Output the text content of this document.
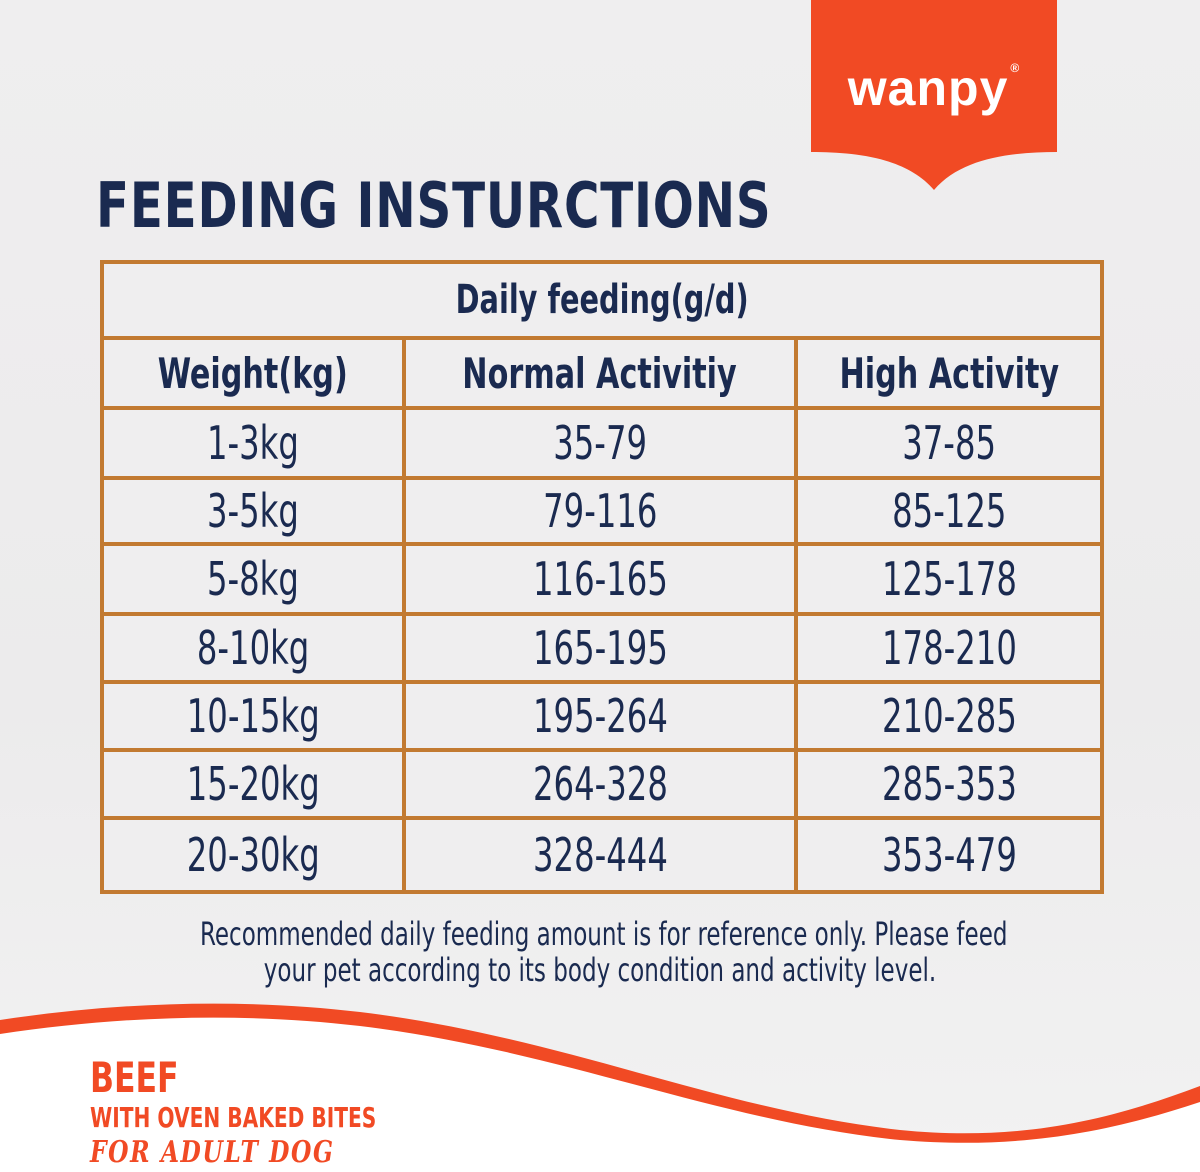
wanpy ®
FEEDING INSTURCTIONS
Daily feeding(g/d)		
Weight(kg)	Normal Activitiy	High Activity
1-3kg	35-79	37-85
3-5kg	79-116	85-125
5-8kg	116-165	125-178
8-10kg	165-195	178-210
10-15kg	195-264	210-285
15-20kg	264-328	285-353
20-30kg	328-444	353-479
Recommended daily feeding amount is for reference only. Please feed
your pet according to its body condition and activity level.
BEEF
WITH OVEN BAKED BITES
FOR ADULT DOG
